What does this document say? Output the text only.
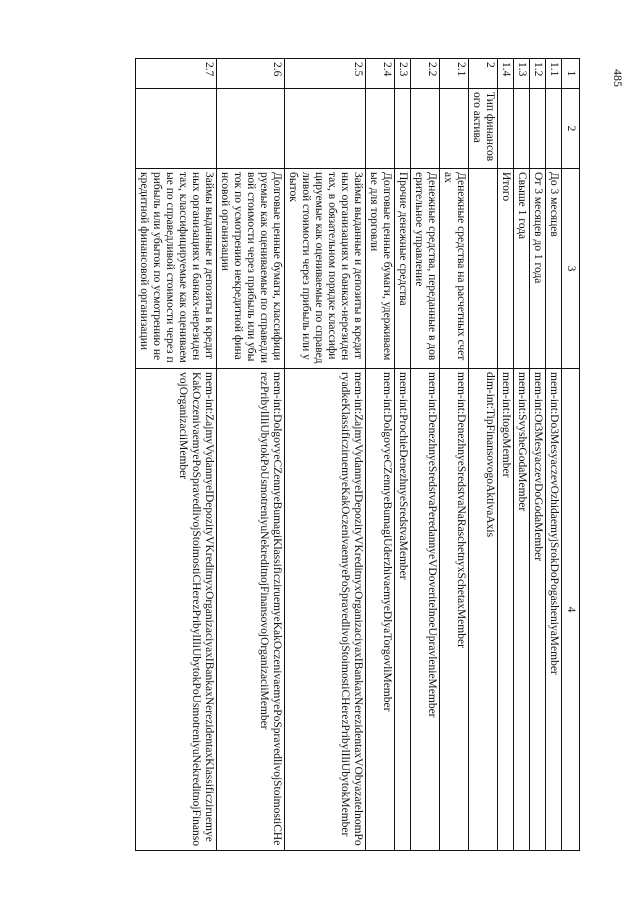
1	2	3	4
1.1		До 3 месяцев	mem-int:Do3MesyaczevOzhidaemyjSrokDoPogasheniyaMember
1.2		От 3 месяцев до 1 года	mem-int:Ot3MesyaczevDoGodaMember
1.3		Свыше 1 года	mem-int:SvysheGodaMember
1.4		Итого	mem-int:ItogoMember
2	Тип финансового актива		dim-int:TipFinansovogoAktivaAxis
2.1		Денежные средства на расчетных счетах	mem-int:DenezhnyeSredstvaNaRaschetnyxSchetaxMember
2.2		Денежные средства, переданные в доверительное управление	mem-int:DenezhnyeSredstvaPeredannyeVDoveritelnoeUpravlenieMember
2.3		Прочие денежные средства	mem-int:ProchieDenezhnyeSredstvaMember
2.4		Долговые ценные бумаги, удерживаемые для торговли	mem-int:DolgovyeCZennyeBumagiUderzhivaemyeDlyaTorgovliMember
2.5		Займы выданные и депозиты в кредитных организациях и банках-нерезидентах, в обязательном порядке классифицируемые как оцениваемые по справедливой стоимости через прибыль или убыток	mem-int:ZajmyVydannyeIDepozityVKreditnyxOrganizaciyaxIBankaxNerezidentaxVObyazatelnomPoryadkeKlassificziruemyeKakOczenivaemyePoSpravedlivojStoimostiCHerezPribylIliUbytokMember
2.6		Долговые ценные бумаги, классифицируемые как оцениваемые по справедливой стоимости через прибыль или убыток по усмотрению некредитной финансовой организации	mem-int:DolgovyeCZennyeBumagiKlassificziruemyeKakOczenivaemyePoSpravedlivojStoimostiCHerezPribylIliUbytokPoUsmotreniyuNekreditnojFinansovojOrganizaciiMember
2.7		Займы выданные и депозиты в кредитных организациях и банках-нерезидентах, классифицируемые как оцениваемые по справедливой стоимости через прибыль или убыток по усмотрению некредитной финансовой организации	mem-int:ZajmyVydannyeIDepozityVKreditnyxOrganizaciyaxIBankaxNerezidentaxKlassificziruemyeKakOczenivaemyePoSpravedlivojStoimostiCHerezPribylIliUbytokPoUsmotreniyuNekreditnojFinansovojOrganizaciiMember
485
